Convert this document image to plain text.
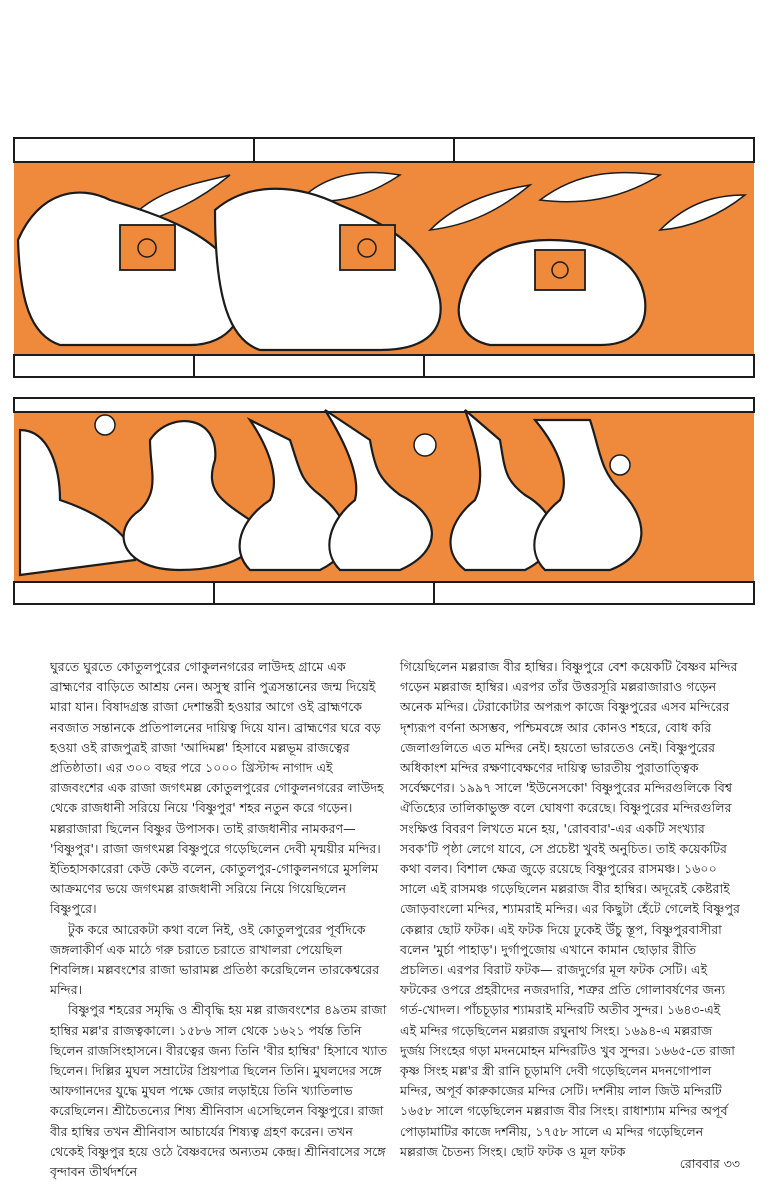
ঘুরতে ঘুরতে কোতুলপুরের গোকুলনগরের লাউদহ গ্রামে এক ব্রাহ্মণের বাড়িতে আশ্রয় নেন। অসুস্থ রানি পুত্রসন্তানের জন্ম দিয়েই মারা যান। বিষাদগ্রস্ত রাজা দেশান্তরী হওয়ার আগে ওই ব্রাহ্মণকে নবজাত সন্তানকে প্রতিপালনের দায়িত্ব দিয়ে যান। ব্রাহ্মণের ঘরে বড় হওয়া ওই রাজপুত্রই রাজা 'আদিমল্ল' হিসাবে মল্লভূম রাজত্বের প্রতিষ্ঠাতা। এর ৩০০ বছর পরে ১০০০ খ্রিস্টাব্দ নাগাদ এই রাজবংশের এক রাজা জগৎমল্ল কোতুলপুরের গোকুলনগরের লাউদহ থেকে রাজধানী সরিয়ে নিয়ে 'বিষ্ণুপুর' শহর নতুন করে গড়েন। মল্লরাজারা ছিলেন বিষ্ণুর উপাসক। তাই রাজধানীর নামকরণ— 'বিষ্ণুপুর'। রাজা জগৎমল্ল বিষ্ণুপুরে গড়েছিলেন দেবী মৃন্ময়ীর মন্দির। ইতিহাসকারেরা কেউ কেউ বলেন, কোতুলপুর-গোকুলনগরে মুসলিম আক্রমণের ভয়ে জগৎমল্ল রাজধানী সরিয়ে নিয়ে গিয়েছিলেন বিষ্ণুপুরে।

টুক করে আরেকটা কথা বলে নিই, ওই কোতুলপুরের পূর্বদিকে জঙ্গলাকীর্ণ এক মাঠে গরু চরাতে চরাতে রাখালরা পেয়েছিল শিবলিঙ্গ। মল্লবংশের রাজা ভারামল্ল প্রতিষ্ঠা করেছিলেন তারকেশ্বরের মন্দির।

বিষ্ণুপুর শহরের সমৃদ্ধি ও শ্রীবৃদ্ধি হয় মল্ল রাজবংশের ৪৯তম রাজা হাম্বির মল্ল'র রাজত্বকালে। ১৫৮৬ সাল থেকে ১৬২১ পর্যন্ত তিনি ছিলেন রাজসিংহাসনে। বীরত্বের জন্য তিনি 'বীর হাম্বির' হিসাবে খ্যাত ছিলেন। দিল্লির মুঘল সম্রাটের প্রিয়পাত্র ছিলেন তিনি। মুঘলদের সঙ্গে আফগানদের যুদ্ধে মুঘল পক্ষে জোর লড়াইয়ে তিনি খ্যাতিলাভ করেছিলেন। শ্রীচৈতন্যের শিষ্য শ্রীনিবাস এসেছিলেন বিষ্ণুপুরে। রাজা বীর হাম্বির তখন শ্রীনিবাস আচার্যের শিষ্যত্ব গ্রহণ করেন। তখন থেকেই বিষ্ণুপুর হয়ে ওঠে বৈষ্ণবদের অন্যতম কেন্দ্র। শ্রীনিবাসের সঙ্গে বৃন্দাবন তীর্থদর্শনে

গিয়েছিলেন মল্লরাজ বীর হাম্বির। বিষ্ণুপুরে বেশ কয়েকটি বৈষ্ণব মন্দির গড়েন মল্লরাজ হাম্বির। এরপর তাঁর উত্তরসূরি মল্লরাজারাও গড়েন অনেক মন্দির। টেরাকোটার অপরূপ কাজে বিষ্ণুপুরের এসব মন্দিরের দৃশ্যরূপ বর্ণনা অসম্ভব, পশ্চিমবঙ্গে আর কোনও শহরে, বোধ করি জেলাগুলিতে এত মন্দির নেই। হয়তো ভারতেও নেই। বিষ্ণুপুরের অধিকাংশ মন্দির রক্ষণাবেক্ষণের দায়িত্ব ভারতীয় পুরাতাত্ত্বিক সর্বেক্ষণের। ১৯৯৭ সালে 'ইউনেসকো' বিষ্ণুপুরের মন্দিরগুলিকে বিশ্ব ঐতিহ্যের তালিকাভুক্ত বলে ঘোষণা করেছে। বিষ্ণুপুরের মন্দিরগুলির সংক্ষিপ্ত বিবরণ লিখতে মনে হয়, 'রোববার'-এর একটি সংখ্যার সবক'টি পৃষ্ঠা লেগে যাবে, সে প্রচেষ্টা খুবই অনুচিত। তাই কয়েকটির কথা বলব। বিশাল ক্ষেত্র জুড়ে রয়েছে বিষ্ণুপুরের রাসমঞ্চ। ১৬০০ সালে এই রাসমঞ্চ গড়েছিলেন মল্লরাজ বীর হাম্বির। অদূরেই কেষ্টরাই জোড়বাংলো মন্দির, শ্যামরাই মন্দির। এর কিছুটা হেঁটে গেলেই বিষ্ণুপুর কেল্লার ছোট ফটক। এই ফটক দিয়ে ঢুকেই উঁচু স্তূপ, বিষ্ণুপুরবাসীরা বলেন 'মুর্চা পাহাড়'। দুর্গাপুজোয় এখানে কামান ছোড়ার রীতি প্রচলিত। এরপর বিরাট ফটক— রাজদুর্গের মূল ফটক সেটি। এই ফটকের ওপরে প্রহরীদের নজরদারি, শত্রুর প্রতি গোলাবর্ষণের জন্য গর্ত-খোদল। পাঁচচূড়ার শ্যামরাই মন্দিরটি অতীব সুন্দর। ১৬৪৩-এই এই মন্দির গড়েছিলেন মল্লরাজ রঘুনাথ সিংহ। ১৬৯৪-এ মল্লরাজ দুর্জয় সিংহের গড়া মদনমোহন মন্দিরটিও খুব সুন্দর। ১৬৬৫-তে রাজা কৃষ্ণ সিংহ মল্ল'র স্ত্রী রানি চূড়ামণি দেবী গড়েছিলেন মদনগোপাল মন্দির, অপূর্ব কারুকাজের মন্দির সেটি। দর্শনীয় লাল জিউ মন্দিরটি ১৬৫৮ সালে গড়েছিলেন মল্লরাজ বীর সিংহ। রাধাশ্যাম মন্দির অপূর্ব পোড়ামাটির কাজে দর্শনীয়, ১৭৫৮ সালে এ মন্দির গড়েছিলেন মল্লরাজ চৈতন্য সিংহ। ছোট ফটক ও মূল ফটক

রোববার ৩৩
